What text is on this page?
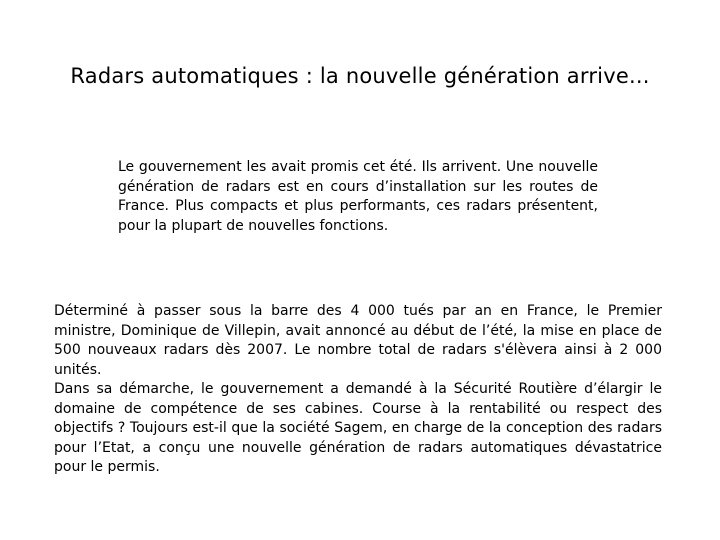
Radars automatiques : la nouvelle génération arrive...
Le gouvernement les avait promis cet été. Ils arrivent. Une nouvelle génération de radars est en cours d’installation sur les routes de France. Plus compacts et plus performants, ces radars présentent, pour la plupart de nouvelles fonctions.

Déterminé à passer sous la barre des 4 000 tués par an en France, le Premier ministre, Dominique de Villepin, avait annoncé au début de l’été, la mise en place de 500 nouveaux radars dès 2007. Le nombre total de radars s'élèvera ainsi à 2 000 unités.

Dans sa démarche, le gouvernement a demandé à la Sécurité Routière d’élargir le domaine de compétence de ses cabines. Course à la rentabilité ou respect des objectifs ? Toujours est-il que la société Sagem, en charge de la conception des radars pour l’Etat, a conçu une nouvelle génération de radars automatiques dévastatrice pour le permis.
